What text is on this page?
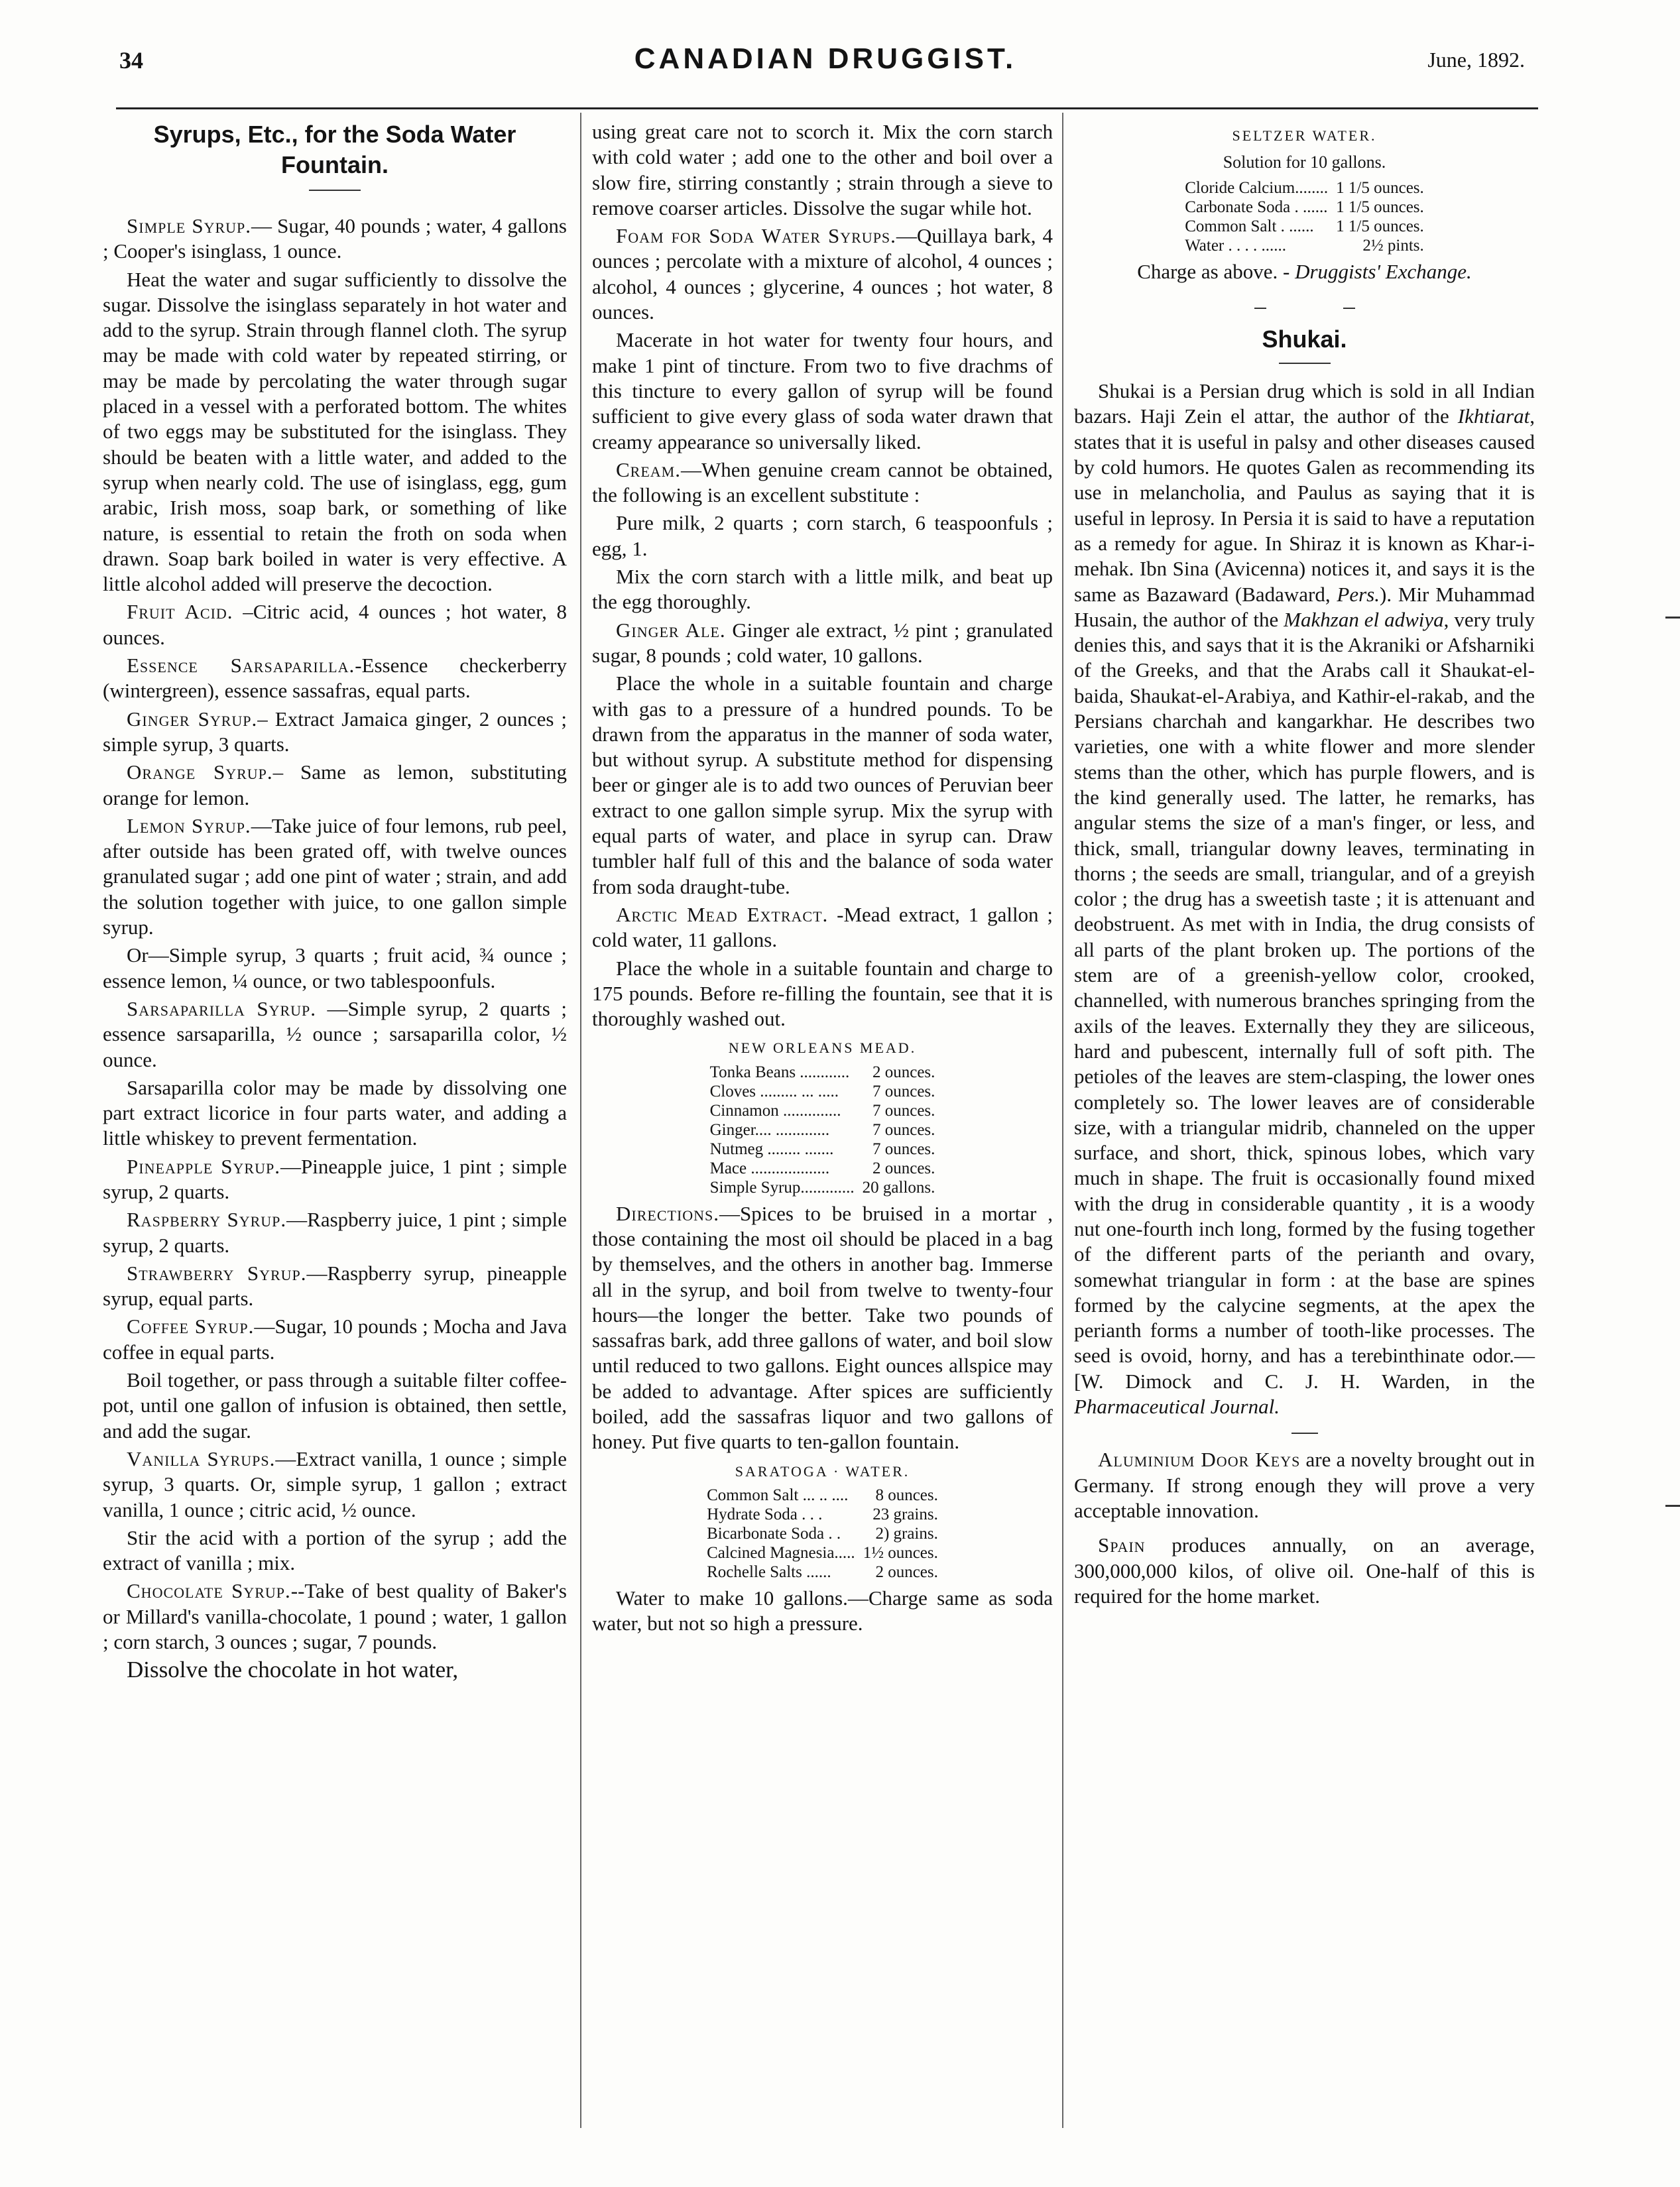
34	CANADIAN DRUGGIST.	June, 1892.
Syrups, Etc., for the Soda Water Fountain.

Simple Syrup.— Sugar, 40 pounds ; water, 4 gallons ; Cooper's isinglass, 1 ounce.

Heat the water and sugar sufficiently to dissolve the sugar. Dissolve the isinglass separately in hot water and add to the syrup. Strain through flannel cloth. The syrup may be made with cold water by repeated stirring, or may be made by percolating the water through sugar placed in a vessel with a perforated bottom. The whites of two eggs may be substituted for the isinglass. They should be beaten with a little water, and added to the syrup when nearly cold. The use of isinglass, egg, gum arabic, Irish moss, soap bark, or something of like nature, is essential to retain the froth on soda when drawn. Soap bark boiled in water is very effective. A little alcohol added will preserve the decoction.

Fruit Acid. –Citric acid, 4 ounces ; hot water, 8 ounces.

Essence Sarsaparilla.-Essence checkerberry (wintergreen), essence sassafras, equal parts.

Ginger Syrup.– Extract Jamaica ginger, 2 ounces ; simple syrup, 3 quarts.

Orange Syrup.– Same as lemon, substituting orange for lemon.

Lemon Syrup.—Take juice of four lemons, rub peel, after outside has been grated off, with twelve ounces granulated sugar ; add one pint of water ; strain, and add the solution together with juice, to one gallon simple syrup.

Or—Simple syrup, 3 quarts ; fruit acid, ¾ ounce ; essence lemon, ¼ ounce, or two tablespoonfuls.

Sarsaparilla Syrup. —Simple syrup, 2 quarts ; essence sarsaparilla, ½ ounce ; sarsaparilla color, ½ ounce.

Sarsaparilla color may be made by dissolving one part extract licorice in four parts water, and adding a little whiskey to prevent fermentation.

Pineapple Syrup.—Pineapple juice, 1 pint ; simple syrup, 2 quarts.

Raspberry Syrup.—Raspberry juice, 1 pint ; simple syrup, 2 quarts.

Strawberry Syrup.—Raspberry syrup, pineapple syrup, equal parts.

Coffee Syrup.—Sugar, 10 pounds ; Mocha and Java coffee in equal parts.

Boil together, or pass through a suitable filter coffee-pot, until one gallon of infusion is obtained, then settle, and add the sugar.

Vanilla Syrups.—Extract vanilla, 1 ounce ; simple syrup, 3 quarts. Or, simple syrup, 1 gallon ; extract vanilla, 1 ounce ; citric acid, ½ ounce.

Stir the acid with a portion of the syrup ; add the extract of vanilla ; mix.

Chocolate Syrup.--Take of best quality of Baker's or Millard's vanilla-chocolate, 1 pound ; water, 1 gallon ; corn starch, 3 ounces ; sugar, 7 pounds.

Dissolve the chocolate in hot water,

using great care not to scorch it. Mix the corn starch with cold water ; add one to the other and boil over a slow fire, stirring constantly ; strain through a sieve to remove coarser articles. Dissolve the sugar while hot.

Foam for Soda Water Syrups.—Quillaya bark, 4 ounces ; percolate with a mixture of alcohol, 4 ounces ; alcohol, 4 ounces ; glycerine, 4 ounces ; hot water, 8 ounces.

Macerate in hot water for twenty four hours, and make 1 pint of tincture. From two to five drachms of this tincture to every gallon of syrup will be found sufficient to give every glass of soda water drawn that creamy appearance so universally liked.

Cream.—When genuine cream cannot be obtained, the following is an excellent substitute :

Pure milk, 2 quarts ; corn starch, 6 teaspoonfuls ; egg, 1.

Mix the corn starch with a little milk, and beat up the egg thoroughly.

Ginger Ale. Ginger ale extract, ½ pint ; granulated sugar, 8 pounds ; cold water, 10 gallons.

Place the whole in a suitable fountain and charge with gas to a pressure of a hundred pounds. To be drawn from the apparatus in the manner of soda water, but without syrup. A substitute method for dispensing beer or ginger ale is to add two ounces of Peruvian beer extract to one gallon simple syrup. Mix the syrup with equal parts of water, and place in syrup can. Draw tumbler half full of this and the balance of soda water from soda draught-tube.

Arctic Mead Extract. -Mead extract, 1 gallon ; cold water, 11 gallons.

Place the whole in a suitable fountain and charge to 175 pounds. Before re-filling the fountain, see that it is thoroughly washed out.

NEW ORLEANS MEAD.
Tonka Beans ............	2 ounces.
Cloves ......... ... .....	7 ounces.
Cinnamon ..............	7 ounces.
Ginger.... .............	7 ounces.
Nutmeg ........ .......	7 ounces.
Mace ...................	2 ounces.
Simple Syrup.............	20 gallons.

Directions.—Spices to be bruised in a mortar , those containing the most oil should be placed in a bag by themselves, and the others in another bag. Immerse all in the syrup, and boil from twelve to twenty-four hours—the longer the better. Take two pounds of sassafras bark, add three gallons of water, and boil slow until reduced to two gallons. Eight ounces allspice may be added to advantage. After spices are sufficiently boiled, add the sassafras liquor and two gallons of honey. Put five quarts to ten-gallon fountain.

SARATOGA · WATER.
Common Salt ... .. ....	8 ounces.
Hydrate Soda . . .	23 grains.
Bicarbonate Soda . .	2) grains.
Calcined Magnesia.....	1½ ounces.
Rochelle Salts ......	2 ounces.

Water to make 10 gallons.—Charge same as soda water, but not so high a pressure.

SELTZER WATER.
Solution for 10 gallons.
Cloride Calcium........	1 1/5 ounces.
Carbonate Soda . ......	1 1/5 ounces.
Common Salt . ......	1 1/5 ounces.
Water . . . . ......	2½ pints.

Charge as above. - Druggists' Exchange.

Shukai.

Shukai is a Persian drug which is sold in all Indian bazars. Haji Zein el attar, the author of the Ikhtiarat, states that it is useful in palsy and other diseases caused by cold humors. He quotes Galen as recommending its use in melancholia, and Paulus as saying that it is useful in leprosy. In Persia it is said to have a reputation as a remedy for ague. In Shiraz it is known as Khar-i-mehak. Ibn Sina (Avicenna) notices it, and says it is the same as Bazaward (Badaward, Pers.). Mir Muhammad Husain, the author of the Makhzan el adwiya, very truly denies this, and says that it is the Akraniki or Afsharniki of the Greeks, and that the Arabs call it Shaukat-el-baida, Shaukat-el-Arabiya, and Kathir-el-rakab, and the Persians charchah and kangarkhar. He describes two varieties, one with a white flower and more slender stems than the other, which has purple flowers, and is the kind generally used. The latter, he remarks, has angular stems the size of a man's finger, or less, and thick, small, triangular downy leaves, terminating in thorns ; the seeds are small, triangular, and of a greyish color ; the drug has a sweetish taste ; it is attenuant and deobstruent. As met with in India, the drug consists of all parts of the plant broken up. The portions of the stem are of a greenish-yellow color, crooked, channelled, with numerous branches springing from the axils of the leaves. Externally they they are siliceous, hard and pubescent, internally full of soft pith. The petioles of the leaves are stem-clasping, the lower ones completely so. The lower leaves are of considerable size, with a triangular midrib, channeled on the upper surface, and short, thick, spinous lobes, which vary much in shape. The fruit is occasionally found mixed with the drug in considerable quantity , it is a woody nut one-fourth inch long, formed by the fusing together of the different parts of the perianth and ovary, somewhat triangular in form : at the base are spines formed by the calycine segments, at the apex the perianth forms a number of tooth-like processes. The seed is ovoid, horny, and has a terebinthinate odor.—[W. Dimock and C. J. H. Warden, in the Pharmaceutical Journal.

Aluminium Door Keys are a novelty brought out in Germany. If strong enough they will prove a very acceptable innovation.

Spain produces annually, on an average, 300,000,000 kilos, of olive oil. One-half of this is required for the home market.
